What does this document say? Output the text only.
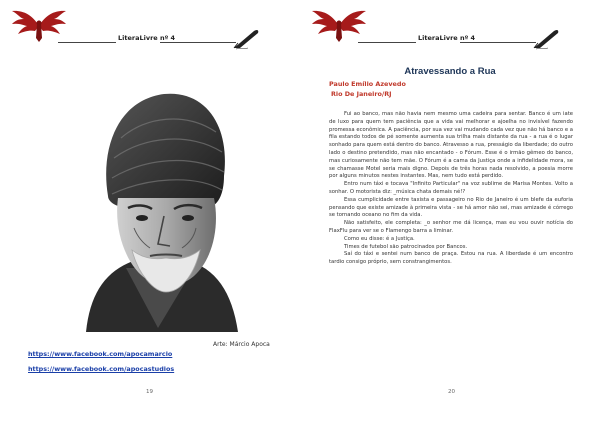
LiteraLivre nº 4
Arte: Márcio Apoca
https://www.facebook.com/apocamarcio
https://www.facebook.com/apocastudios
19
LiteraLivre nº 4
Atravessando a Rua
Paulo Emílio Azevedo
Rio De Janeiro/RJ

Fui ao banco, mas não havia nem mesmo uma cadeira para sentar. Banco é um iate de luxo para quem tem paciência que a vida vai melhorar e ajoelha no invisível fazendo promessa econômica. A paciência, por sua vez vai mudando cada vez que não há banco e a fila estando todos de pé somente aumenta sua trilha mais distante da rua - a rua é o lugar sonhado para quem está dentro do banco. Atravesso a rua, presságio da liberdade; do outro lado o destino pretendido, mas não encantado - o Fórum. Esse é o irmão gêmeo do banco, mas curiosamente não tem mãe. O Fórum é a cama da Justiça onde a infidelidade mora, se se chamasse Motel seria mais digno. Depois de três horas nada resolvido, a poesia morre por alguns minutos nestes instantes. Mas, nem tudo está perdido.

Entro num táxi e tocava "Infinito Particular" na voz sublime de Marisa Montes. Volto a sonhar. O motorista diz: _música chata demais né!?

Essa cumplicidade entre taxista e passageiro no Rio de Janeiro é um blefe da euforia pensando que existe amizade à primeira vista - se há amor não sei, mas amizade é córrego se tornando oceano no fim da vida.

Não satisfeito, ele completa: _o senhor me dá licença, mas eu vou ouvir notícia do FlaxFlu para ver se o Flamengo barra a liminar.

Como eu disse: é a Justiça.

Times de futebol são patrocinados por Bancos.

Saí do táxi e sentei num banco de praça. Estou na rua. A liberdade é um encontro tardio consigo próprio, sem constrangimentos.

20
